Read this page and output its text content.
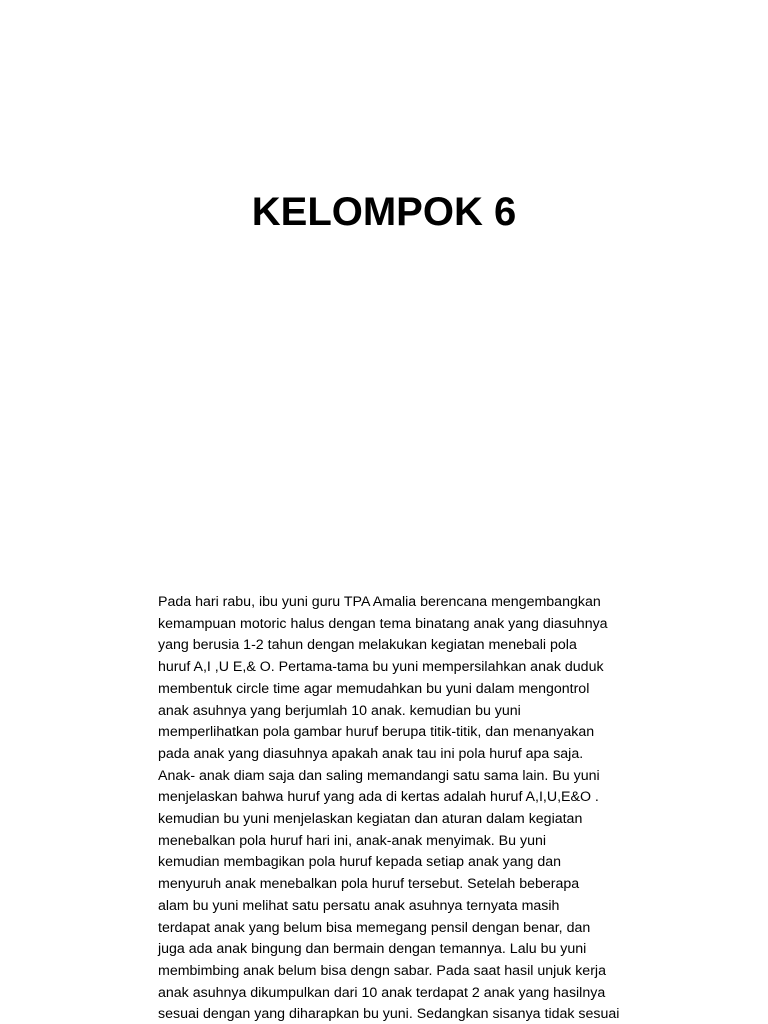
KELOMPOK 6
Pada hari rabu, ibu yuni guru TPA Amalia berencana mengembangkan
kemampuan motoric halus dengan tema binatang anak yang diasuhnya
yang berusia 1-2 tahun dengan melakukan kegiatan menebali pola
huruf A,I ,U E,& O. Pertama-tama bu yuni mempersilahkan anak duduk
membentuk circle time agar memudahkan bu yuni dalam mengontrol
anak asuhnya yang berjumlah 10 anak. kemudian bu yuni
memperlihatkan pola gambar huruf berupa titik-titik, dan menanyakan
pada anak yang diasuhnya apakah anak tau ini pola huruf apa saja.
Anak- anak diam saja dan saling memandangi satu sama lain. Bu yuni
menjelaskan bahwa huruf yang ada di kertas adalah huruf A,I,U,E&O .
kemudian bu yuni menjelaskan kegiatan dan aturan dalam kegiatan
menebalkan pola huruf hari ini, anak-anak menyimak. Bu yuni
kemudian membagikan pola huruf kepada setiap anak yang dan
menyuruh anak menebalkan pola huruf tersebut. Setelah beberapa
alam bu yuni melihat satu persatu anak asuhnya ternyata masih
terdapat anak yang belum bisa memegang pensil dengan benar, dan
juga ada anak bingung dan bermain dengan temannya. Lalu bu yuni
membimbing anak belum bisa dengn sabar. Pada saat hasil unjuk kerja
anak asuhnya dikumpulkan dari 10 anak terdapat 2 anak yang hasilnya
sesuai dengan yang diharapkan bu yuni. Sedangkan sisanya tidak sesuai
